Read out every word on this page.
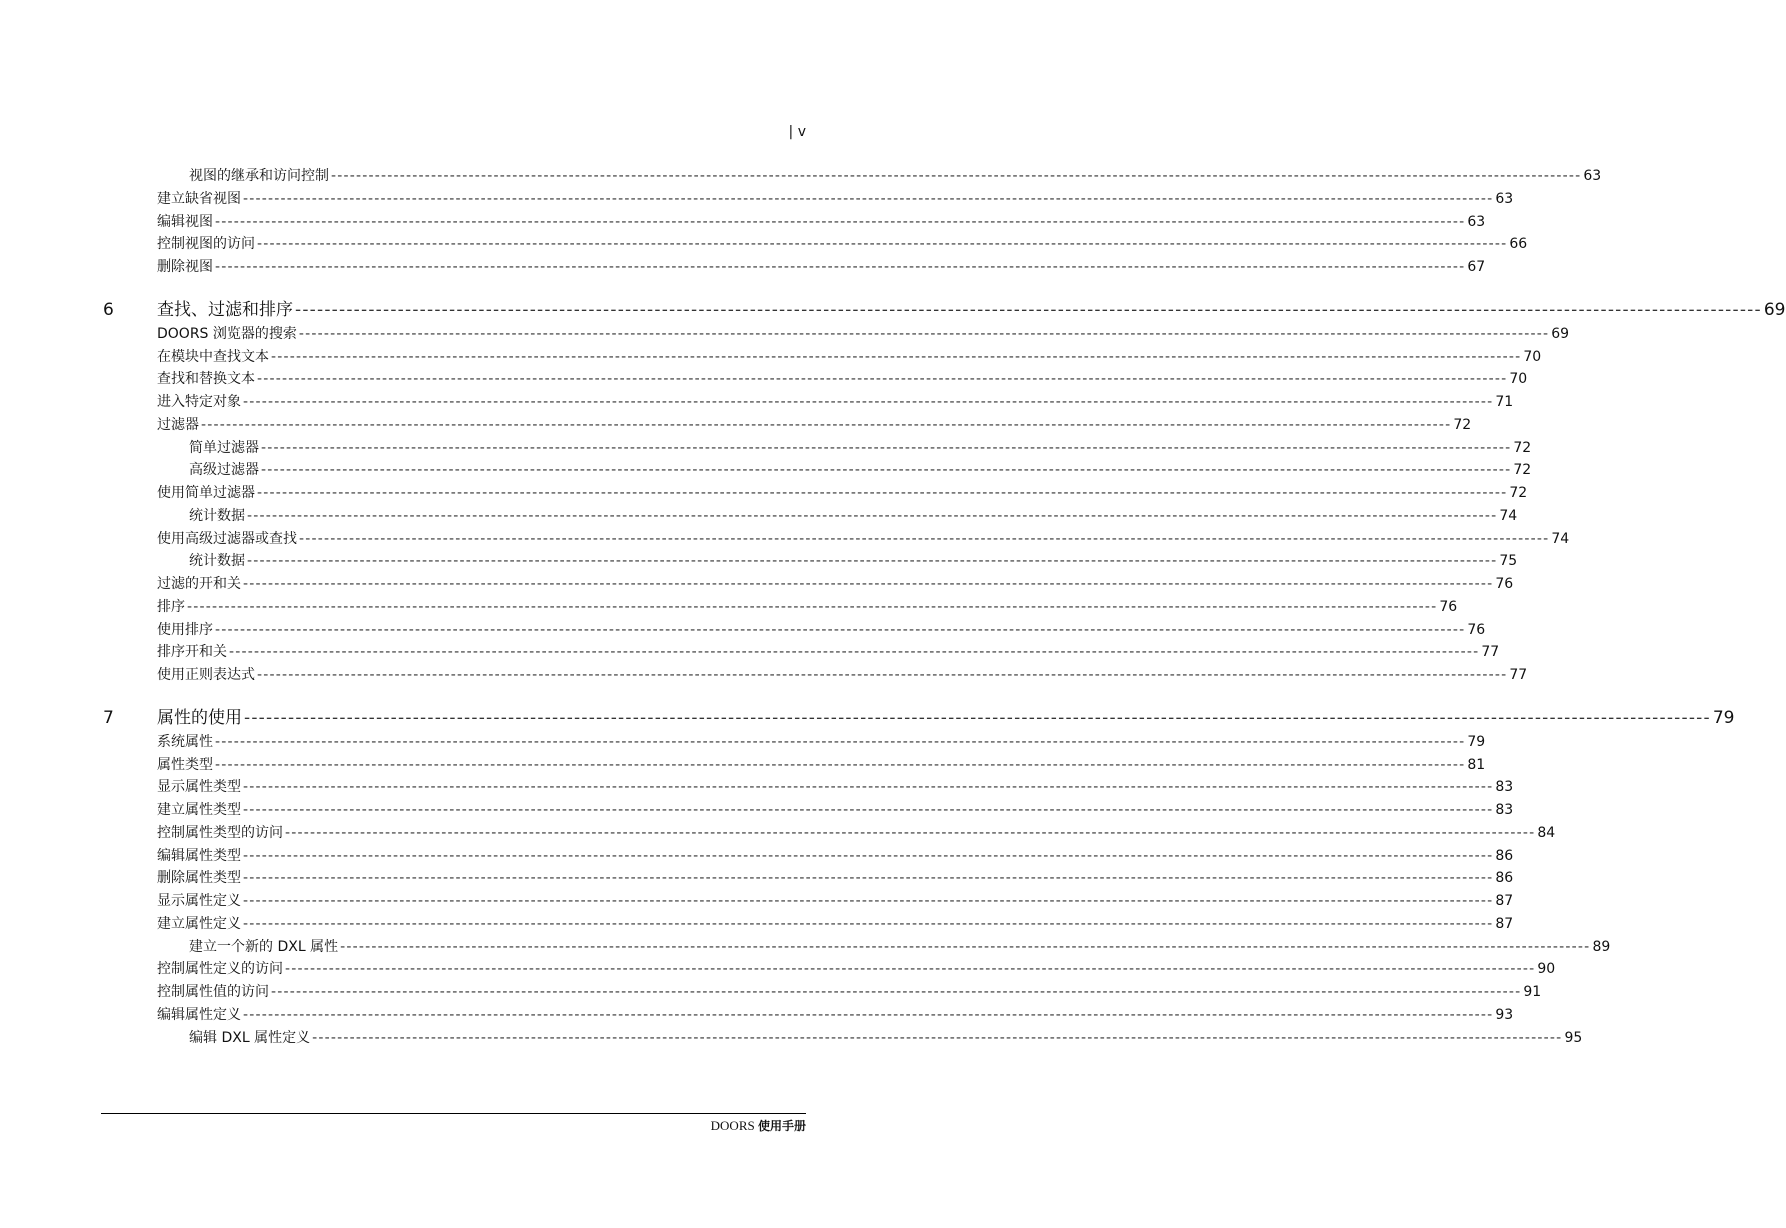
| v
视图的继承和访问控制 -------------------------------------------------------------------------------------------------------------------------------------------------------------------------------------------------------- 63
建立缺省视图 -------------------------------------------------------------------------------------------------------------------------------------------------------------------------------------------------------- 63
编辑视图 -------------------------------------------------------------------------------------------------------------------------------------------------------------------------------------------------------- 63
控制视图的访问 -------------------------------------------------------------------------------------------------------------------------------------------------------------------------------------------------------- 66
删除视图 -------------------------------------------------------------------------------------------------------------------------------------------------------------------------------------------------------- 67
6	查找、过滤和排序 -------------------------------------------------------------------------------------------------------------------------------------------------------------------------------------------------------- 69
DOORS 浏览器的搜索 -------------------------------------------------------------------------------------------------------------------------------------------------------------------------------------------------------- 69
在模块中查找文本 -------------------------------------------------------------------------------------------------------------------------------------------------------------------------------------------------------- 70
查找和替换文本 -------------------------------------------------------------------------------------------------------------------------------------------------------------------------------------------------------- 70
进入特定对象 -------------------------------------------------------------------------------------------------------------------------------------------------------------------------------------------------------- 71
过滤器 -------------------------------------------------------------------------------------------------------------------------------------------------------------------------------------------------------- 72
简单过滤器 -------------------------------------------------------------------------------------------------------------------------------------------------------------------------------------------------------- 72
高级过滤器 -------------------------------------------------------------------------------------------------------------------------------------------------------------------------------------------------------- 72
使用简单过滤器 -------------------------------------------------------------------------------------------------------------------------------------------------------------------------------------------------------- 72
统计数据 -------------------------------------------------------------------------------------------------------------------------------------------------------------------------------------------------------- 74
使用高级过滤器或查找 -------------------------------------------------------------------------------------------------------------------------------------------------------------------------------------------------------- 74
统计数据 -------------------------------------------------------------------------------------------------------------------------------------------------------------------------------------------------------- 75
过滤的开和关 -------------------------------------------------------------------------------------------------------------------------------------------------------------------------------------------------------- 76
排序 -------------------------------------------------------------------------------------------------------------------------------------------------------------------------------------------------------- 76
使用排序 -------------------------------------------------------------------------------------------------------------------------------------------------------------------------------------------------------- 76
排序开和关 -------------------------------------------------------------------------------------------------------------------------------------------------------------------------------------------------------- 77
使用正则表达式 -------------------------------------------------------------------------------------------------------------------------------------------------------------------------------------------------------- 77
7	属性的使用 -------------------------------------------------------------------------------------------------------------------------------------------------------------------------------------------------------- 79
系统属性 -------------------------------------------------------------------------------------------------------------------------------------------------------------------------------------------------------- 79
属性类型 -------------------------------------------------------------------------------------------------------------------------------------------------------------------------------------------------------- 81
显示属性类型 -------------------------------------------------------------------------------------------------------------------------------------------------------------------------------------------------------- 83
建立属性类型 -------------------------------------------------------------------------------------------------------------------------------------------------------------------------------------------------------- 83
控制属性类型的访问 -------------------------------------------------------------------------------------------------------------------------------------------------------------------------------------------------------- 84
编辑属性类型 -------------------------------------------------------------------------------------------------------------------------------------------------------------------------------------------------------- 86
删除属性类型 -------------------------------------------------------------------------------------------------------------------------------------------------------------------------------------------------------- 86
显示属性定义 -------------------------------------------------------------------------------------------------------------------------------------------------------------------------------------------------------- 87
建立属性定义 -------------------------------------------------------------------------------------------------------------------------------------------------------------------------------------------------------- 87
建立一个新的 DXL 属性 -------------------------------------------------------------------------------------------------------------------------------------------------------------------------------------------------------- 89
控制属性定义的访问 -------------------------------------------------------------------------------------------------------------------------------------------------------------------------------------------------------- 90
控制属性值的访问 -------------------------------------------------------------------------------------------------------------------------------------------------------------------------------------------------------- 91
编辑属性定义 -------------------------------------------------------------------------------------------------------------------------------------------------------------------------------------------------------- 93
编辑 DXL 属性定义 -------------------------------------------------------------------------------------------------------------------------------------------------------------------------------------------------------- 95
DOORS 使用手册
